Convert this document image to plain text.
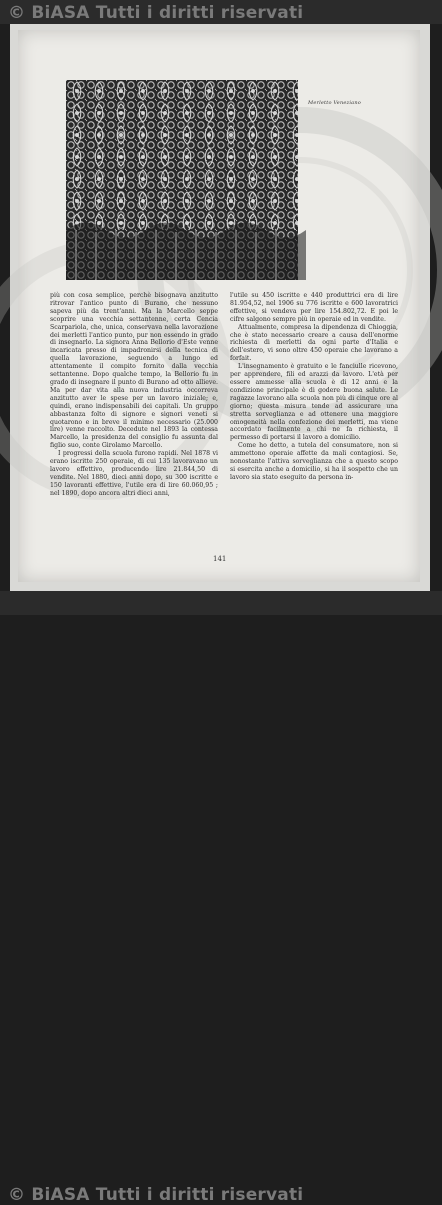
© BiASA Tutti i diritti riservati
Merletto Veneziano

più con cosa semplice, perchè bisognava anzitutto ritrovar l'antico punto di Burano, che nessuno sapeva più da trent'anni. Ma la Marcello seppe scoprire una vecchia settantenne, certa Cencia Scarpariola, che, unica, conservava nella lavorazione dei merletti l'antico punto, pur non essendo in grado di insegnarlo. La signora Anna Bellorio d'Este venne incaricata presso di impadronirsi della tecnica di quella lavorazione, seguendo a lungo ed attentamente il compito fornito dalla vecchia settantenne. Dopo qualche tempo, la Bellorio fu in grado di insegnare il punto di Burano ad otto allieve. Ma per dar vita alla nuova industria occorreva anzitutto aver le spese per un lavoro iniziale; e, quindi, erano indispensabili dei capitali. Un gruppo abbastanza folto di signore e signori veneti si quotarono e in breve il minimo necessario (25.000 lire) venne raccolto. Decedute nel 1893 la contessa Marcello, la presidenza del consiglio fu assunta dal figlio suo, conte Girolamo Marcello.

I progressi della scuola furono rapidi. Nel 1878 vi erano iscritte 250 operaie, di cui 135 lavoravano un lavoro effettivo, producendo lire 21.844,50 di vendite. Nel 1880, dieci anni dopo, su 300 iscritte e 150 lavoranti effettive, l'utile era di lire 60.060,95 ; nel 1890, dopo ancora altri dieci anni,

l'utile su 450 iscritte e 440 produttrici era di lire 81.954,52, nel 1906 su 776 iscritte e 600 lavoratrici effettive, si vendeva per lire 154.802,72. E poi le cifre salgono sempre più in operaie ed in vendite.

Attualmente, compresa la dipendenza di Chioggia, che è stato necessario creare a causa dell'enorme richiesta di merletti da ogni parte d'Italia e dell'estero, vi sono oltre 450 operaie che lavorano a forfait.

L'insegnamento è gratuito e le fanciulle ricevono, per apprendere, fili ed arazzi da lavoro. L'età per essere ammesse alla scuola è di 12 anni e la condizione principale è di godere buona salute. Le ragazze lavorano alla scuola non più di cinque ore al giorno; questa misura tende ad assicurare una stretta sorveglianza e ad ottenere una maggiore omogeneità nella confezione dei merletti, ma viene accordato facilmente a chi ne fa richiesta, il permesso di portarsi il lavoro a domicilio.

Come ho detto, a tutela del consumatore, non si ammettono operaie affette da mali contagiosi. Se, nonostante l'attiva sorveglianza che a questo scopo si esercita anche a domicilio, si ha il sospetto che un lavoro sia stato eseguito da persona in-

141
© BiASA Tutti i diritti riservati
